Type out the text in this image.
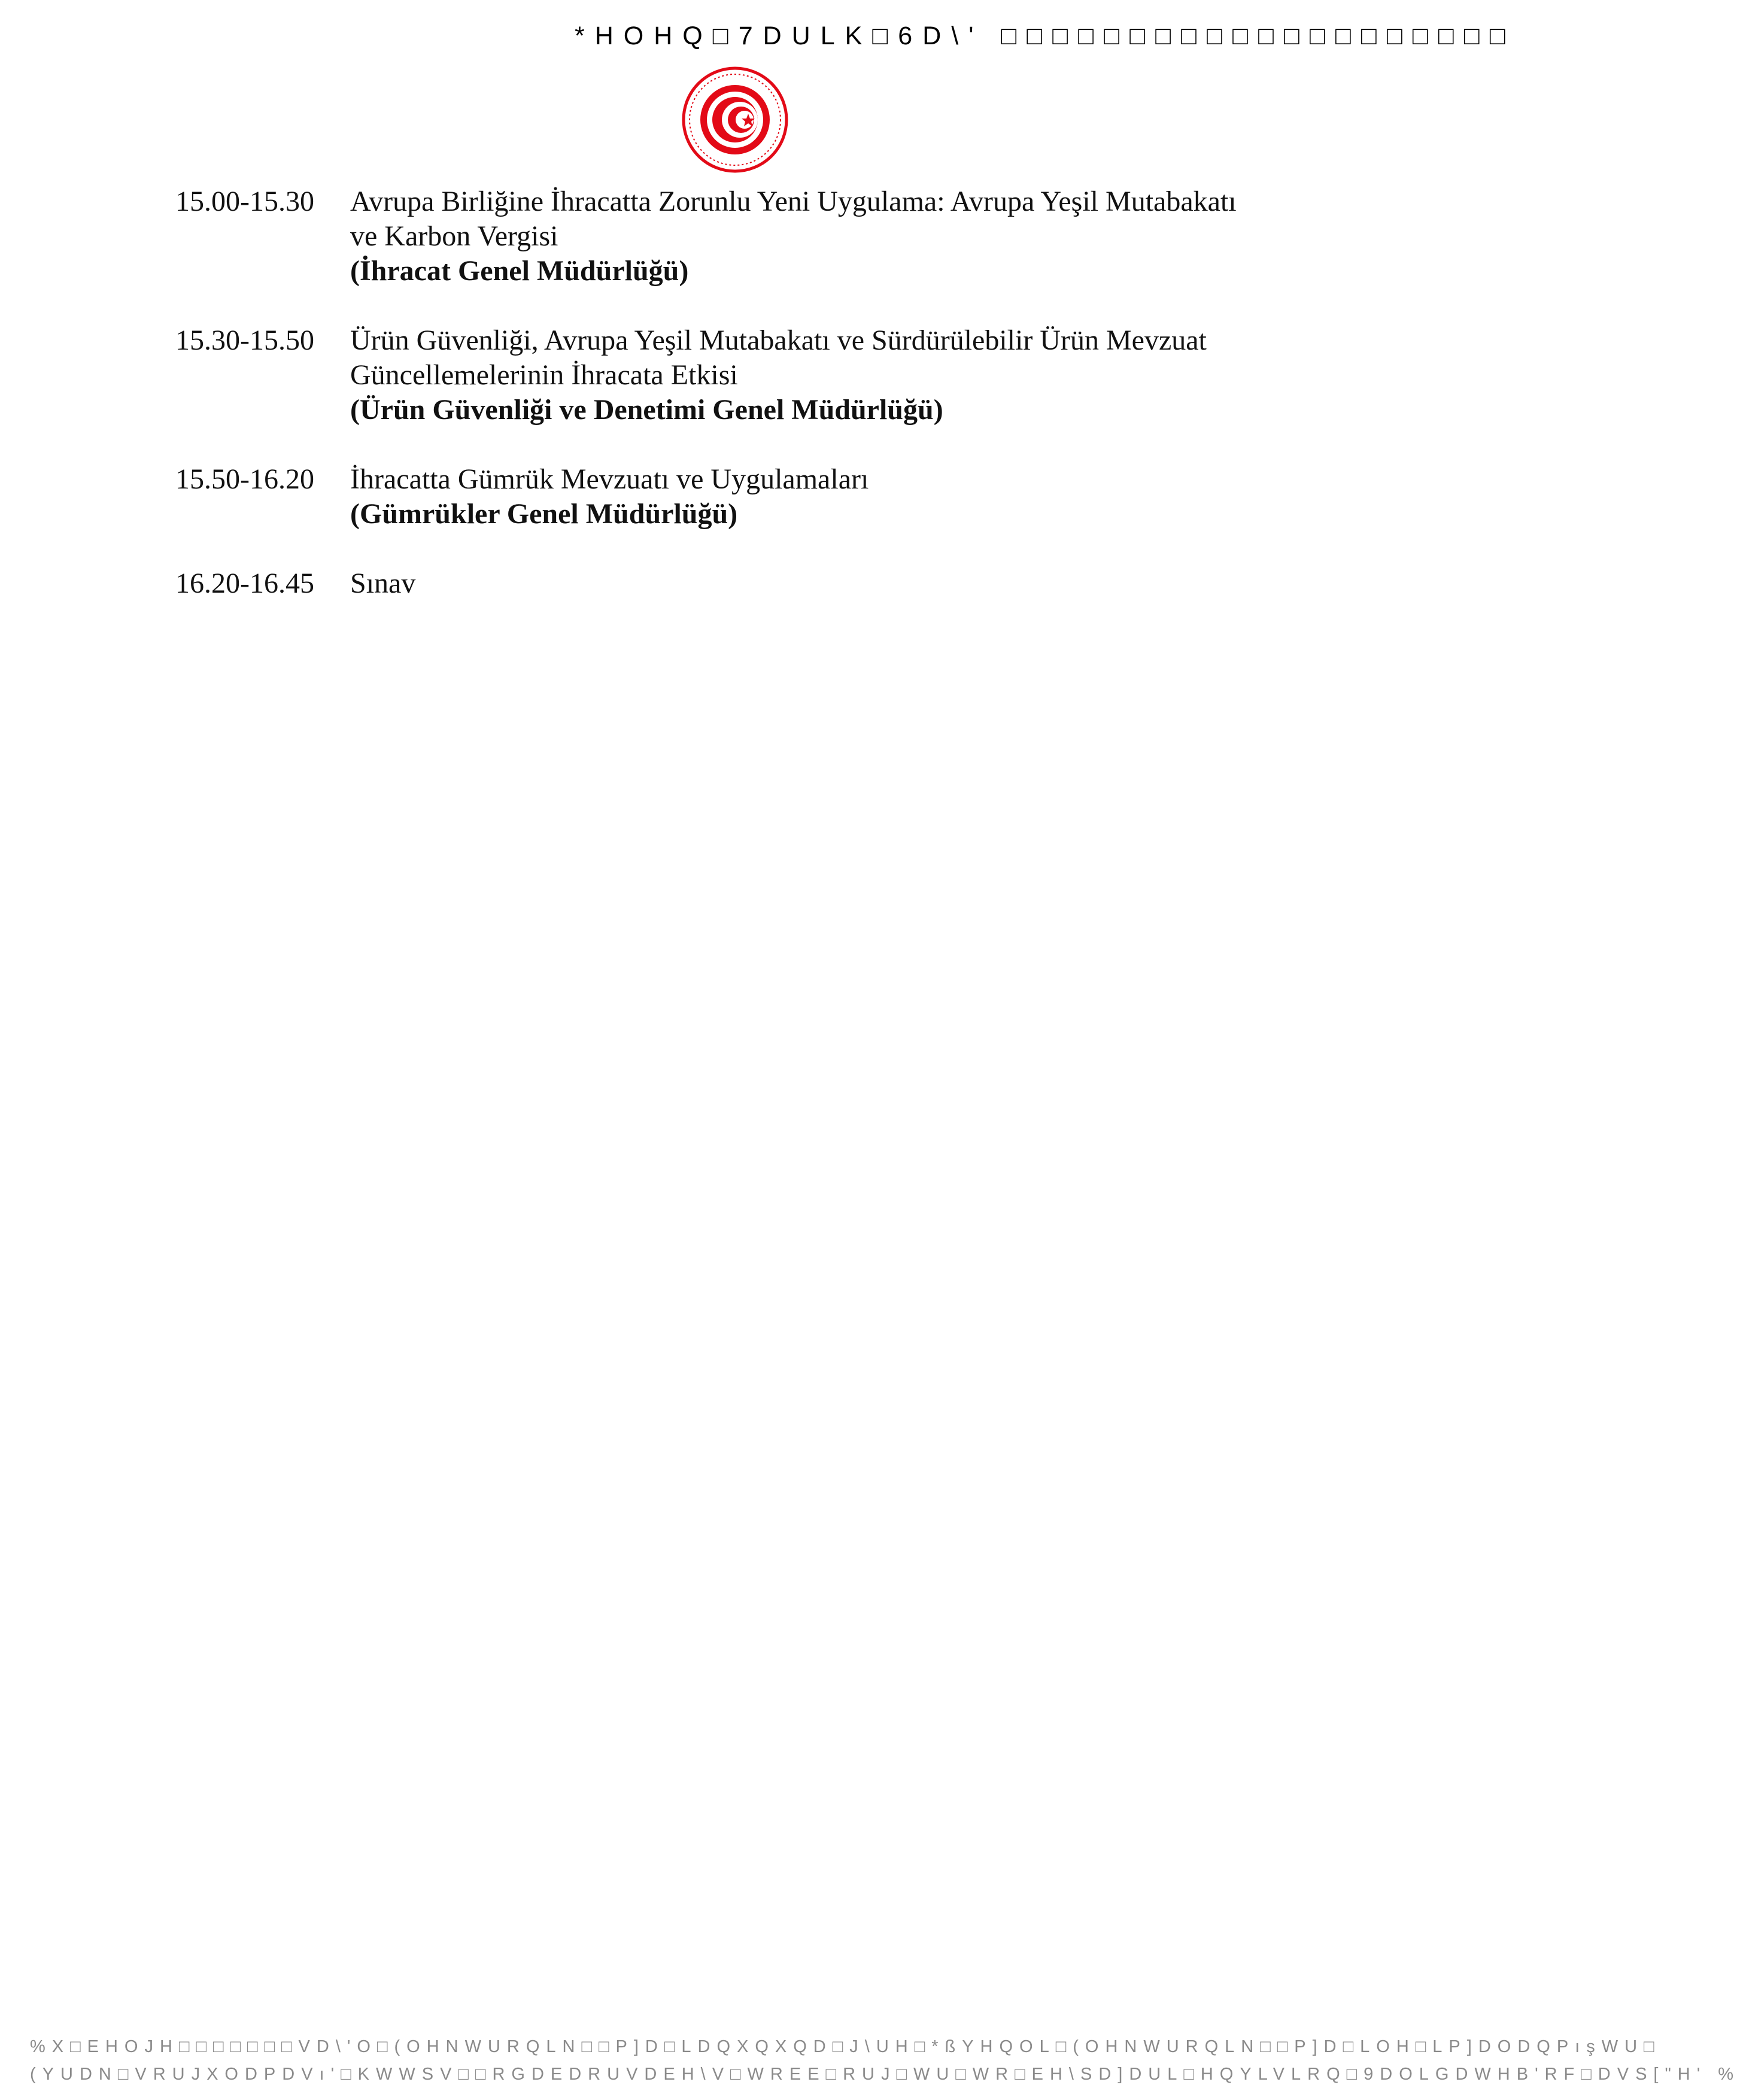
*HOHQ□7DULK□6D\' □□□□□□□□□□□□□□□□□□□□
15.00-15.30	Avrupa Birliğine İhracatta Zorunlu Yeni Uygulama: Avrupa Yeşil Mutabakatı
ve Karbon Vergisi
(İhracat Genel Müdürlüğü)
15.30-15.50	Ürün Güvenliği, Avrupa Yeşil Mutabakatı ve Sürdürülebilir Ürün Mevzuat
Güncellemelerinin İhracata Etkisi
(Ürün Güvenliği ve Denetimi Genel Müdürlüğü)
15.50-16.20	İhracatta Gümrük Mevzuatı ve Uygulamaları
(Gümrükler Genel Müdürlüğü)
16.20-16.45	Sınav
%X□EHOJH□□□□□□□VD\'O□(OHNWURQLN□□P]D□LDQXQXQD□J\UH□*ßYHQOL□(OHNWURQLN□□P]D□LOH□LP]DODQPışWU□
(YUDN□VRUJXODPDVı'□KWWSV□□RGDEDRUVDEH\V□WREE□RUJ□WU□WR□EH\SD]DUL□HQYLVLRQ□9DOLGDWHB'RF□DVS["H' %
